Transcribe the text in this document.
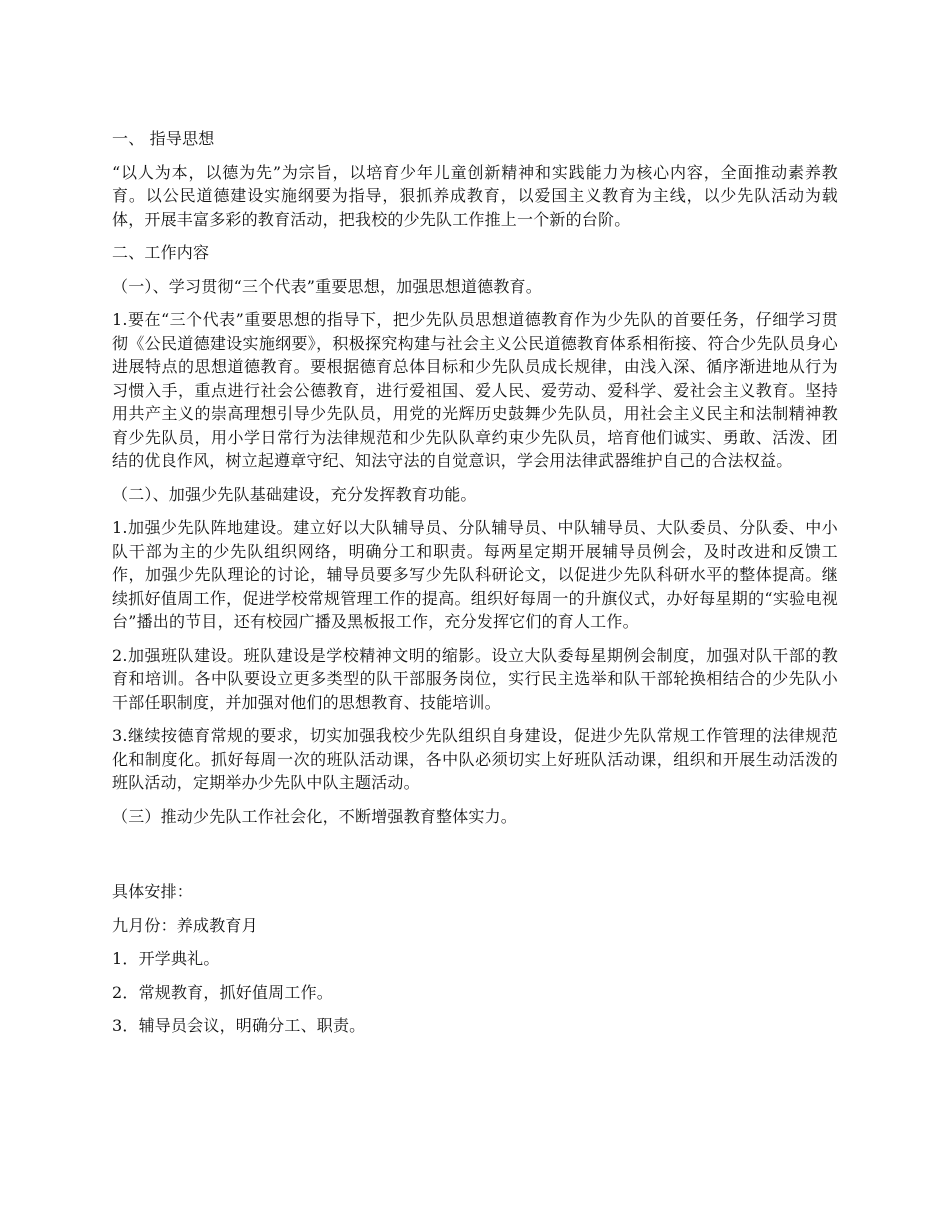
一、 指导思想

“以人为本，以德为先”为宗旨，以培育少年儿童创新精神和实践能力为核心内容，全面推动素养教育。以公民道德建设实施纲要为指导，狠抓养成教育，以爱国主义教育为主线，以少先队活动为载体，开展丰富多彩的教育活动，把我校的少先队工作推上一个新的台阶。

二、工作内容

（一）、学习贯彻“三个代表”重要思想，加强思想道德教育。

1.要在“三个代表”重要思想的指导下，把少先队员思想道德教育作为少先队的首要任务，仔细学习贯彻《公民道德建设实施纲要》，积极探究构建与社会主义公民道德教育体系相衔接、符合少先队员身心进展特点的思想道德教育。要根据德育总体目标和少先队员成长规律，由浅入深、循序渐进地从行为习惯入手，重点进行社会公德教育，进行爱祖国、爱人民、爱劳动、爱科学、爱社会主义教育。坚持用共产主义的崇高理想引导少先队员，用党的光辉历史鼓舞少先队员，用社会主义民主和法制精神教育少先队员，用小学日常行为法律规范和少先队队章约束少先队员，培育他们诚实、勇敢、活泼、团结的优良作风，树立起遵章守纪、知法守法的自觉意识，学会用法律武器维护自己的合法权益。

（二）、加强少先队基础建设，充分发挥教育功能。

1.加强少先队阵地建设。建立好以大队辅导员、分队辅导员、中队辅导员、大队委员、分队委、中小队干部为主的少先队组织网络，明确分工和职责。每两星定期开展辅导员例会，及时改进和反馈工作，加强少先队理论的讨论，辅导员要多写少先队科研论文，以促进少先队科研水平的整体提高。继续抓好值周工作，促进学校常规管理工作的提高。组织好每周一的升旗仪式，办好每星期的“实验电视台”播出的节目，还有校园广播及黑板报工作，充分发挥它们的育人工作。

2.加强班队建设。班队建设是学校精神文明的缩影。设立大队委每星期例会制度，加强对队干部的教育和培训。各中队要设立更多类型的队干部服务岗位，实行民主选举和队干部轮换相结合的少先队小干部任职制度，并加强对他们的思想教育、技能培训。

3.继续按德育常规的要求，切实加强我校少先队组织自身建设，促进少先队常规工作管理的法律规范化和制度化。抓好每周一次的班队活动课，各中队必须切实上好班队活动课，组织和开展生动活泼的班队活动，定期举办少先队中队主题活动。

（三）推动少先队工作社会化，不断增强教育整体实力。

具体安排：

九月份：养成教育月

1．开学典礼。

2．常规教育，抓好值周工作。

3．辅导员会议，明确分工、职责。
